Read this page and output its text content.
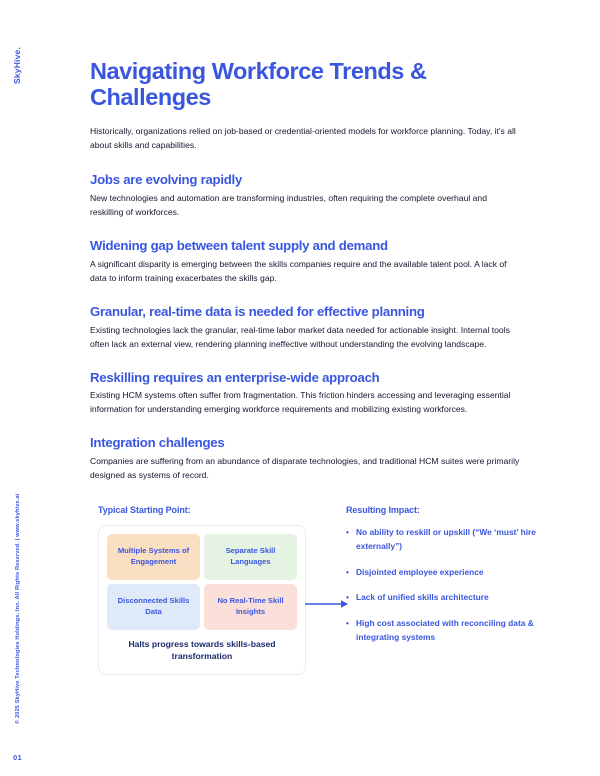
SkyHive.
© 2025 SkyHive Technologies Holdings, Inc. All Rights Reserved. | www.skyhive.ai
01
Navigating Workforce Trends & Challenges

Historically, organizations relied on job-based or credential-oriented models for workforce planning. Today, it's all about skills and capabilities.

Jobs are evolving rapidly

New technologies and automation are transforming industries, often requiring the complete overhaul and reskilling of workforces.

Widening gap between talent supply and demand

A significant disparity is emerging between the skills companies require and the available talent pool. A lack of data to inform training exacerbates the skills gap.

Granular, real-time data is needed for effective planning

Existing technologies lack the granular, real-time labor market data needed for actionable insight. Internal tools often lack an external view, rendering planning ineffective without understanding the evolving landscape.

Reskilling requires an enterprise-wide approach

Existing HCM systems often suffer from fragmentation. This friction hinders accessing and leveraging essential information for understanding emerging workforce requirements and mobilizing existing workforces.

Integration challenges

Companies are suffering from an abundance of disparate technologies, and traditional HCM suites were primarily designed as systems of record.

Typical Starting Point:
Multiple Systems of Engagement
Separate Skill Languages
Disconnected Skills Data
No Real-Time Skill Insights
Halts progress towards skills-based transformation
Resulting Impact:
• No ability to reskill or upskill (“We ‘must’ hire externally”)
• Disjointed employee experience
• Lack of unified skills architecture
• High cost associated with reconciling data & integrating systems
